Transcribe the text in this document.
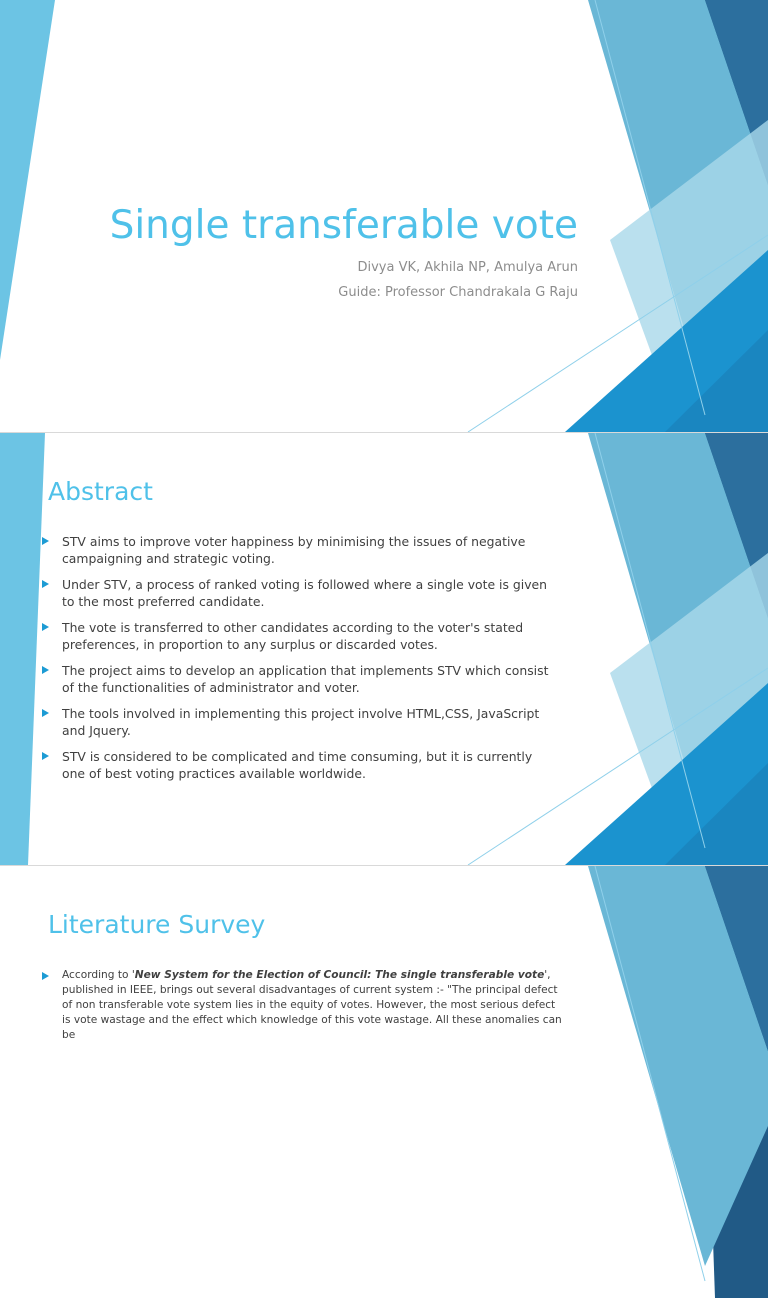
Single transferable vote
Divya VK, Akhila NP, Amulya Arun
Guide: Professor Chandrakala G Raju
Abstract
STV aims to improve voter happiness by minimising the issues of negative campaigning and strategic voting.
Under STV, a process of ranked voting is followed where a single vote is given to the most preferred candidate.
The vote is transferred to other candidates according to the voter's stated preferences, in proportion to any surplus or discarded votes.
The project aims to develop an application that implements STV which consist of the functionalities of administrator and voter.
The tools involved in implementing this project involve HTML,CSS, JavaScript and Jquery.
STV is considered to be complicated and time consuming, but it is currently one of best voting practices available worldwide.
Literature Survey
According to 'New System for the Election of Council: The single transferable vote', published in IEEE, brings out several disadvantages of current system :- "The principal defect of non transferable vote system lies in the equity of votes. However, the most serious defect is vote wastage and the effect which knowledge of this vote wastage. All these anomalies can be
